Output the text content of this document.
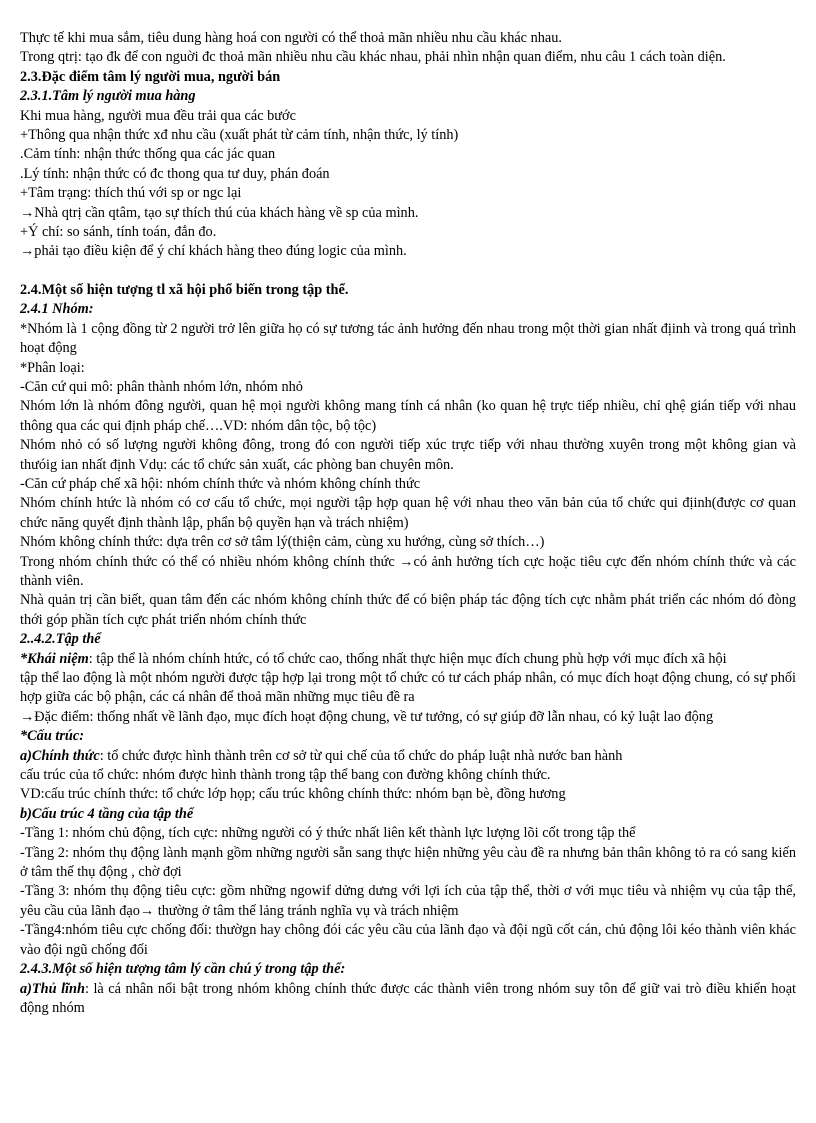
Thực tế khi mua sắm, tiêu dung hàng hoá con người có thể thoả mãn nhiều nhu cầu khác nhau.

Trong qtrị: tạo đk để con nguời đc thoả mãn nhiều nhu cầu khác nhau, phải nhìn nhận quan điểm, nhu câu 1 cách toàn diện.

2.3.Đặc điểm tâm lý người mua, người bán

2.3.1.Tâm lý người mua hàng

Khi mua hàng, người mua đều trải qua các bước

+Thông qua nhận thức xđ nhu cầu (xuất phát từ cảm tính, nhận thức, lý tính)

.Cảm tính: nhận thức thống qua các jác quan

.Lý tính: nhận thức có đc thong qua tư duy, phán đoán

+Tâm trạng: thích thú với sp or ngc lại

→Nhà qtrị cần qtâm, tạo sự thích thú của khách hàng về sp của mình.

+Ý chí: so sánh, tính toán, đắn đo.

→phải tạo điều kiện để ý chí khách hàng theo đúng logic của mình.

2.4.Một số hiện tượng tl xã hội phổ biến trong tập thể.

2.4.1 Nhóm:

*Nhóm là 1 cộng đồng từ 2 người trở lên giữa họ có sự tương tác ảnh hưởng đến nhau trong một thời gian nhất địinh và trong quá trình hoạt động

*Phân loại:

-Căn cứ qui mô: phân thành nhóm lớn, nhóm nhỏ

Nhóm lớn là nhóm đông người, quan hệ mọi người không mang tính cá nhân (ko quan hệ trực tiếp nhiều, chỉ qhệ gián tiếp với nhau thông qua các qui định pháp chế….VD: nhóm dân tộc, bộ tộc)

Nhóm nhỏ có số lượng người không đông, trong đó con người tiếp xúc trực tiếp với nhau thường xuyên trong một không gian và thưóig ian nhất định Vdụ: các tổ chức sản xuất, các phòng ban chuyên môn.

-Căn cứ pháp chế xã hội: nhóm chính thức và nhóm không chính thức

Nhóm chính htức là nhóm có cơ cấu tổ chức, mọi người tập hợp quan hệ với nhau theo văn bản của tổ chức qui địinh(được cơ quan chức năng quyết định thành lập, phẩn bộ quyền hạn và trách nhiệm)

Nhóm không chính thức: dựa trên cơ sở tâm lý(thiện cảm, cùng xu hướng, cùng sở thích…)

Trong nhóm chính thức có thể có nhiều nhóm không chính thức →có ảnh hưởng tích cực hoặc tiêu cực đến nhóm chính thức và các thành viên.

Nhà quản trị cần biết, quan tâm đến các nhóm không chính thức để có biện pháp tác động tích cực nhằm phát triển các nhóm dó đòng thới góp phần tích cực phát triển nhóm chính thức

2..4.2.Tập thể

*Khái niệm: tập thể là nhóm chính htức, có tổ chức cao, thống nhất thực hiện mục đích chung phù hợp với mục đích xã hội

tập thể lao động là một nhóm người được tập hợp lại trong một tổ chức có tư cách pháp nhân, có mục đích hoạt động chung, có sự phối hợp giữa các bộ phận, các cá nhân để thoả mãn những mục tiêu đề ra

→Đặc điểm: thống nhất về lãnh đạo, mục đích hoạt động chung, về tư tưởng, có sự giúp đỡ lẫn nhau, có kỷ luật lao động

*Cấu trúc:

a)Chính thức: tổ chức được hình thành trên cơ sở từ qui chế của tổ chức do pháp luật nhà nước ban hành

cấu trúc của tổ chức: nhóm được hình thành trong tập thể bang con đường không chính thức.

VD:cấu trúc chính thức: tổ chức lớp họp; cấu trúc không chính thức: nhóm bạn bè, đồng hương

b)Cấu trúc 4 tầng của tập thể

-Tầng 1: nhóm chủ động, tích cực: những người có ý thức nhất liên kết thành lực lượng lõi cốt trong tập thể

-Tầng 2: nhóm thụ động lành mạnh gồm những người sẵn sang thực hiện những yêu càu đề ra nhưng bản thân không tỏ ra có sang kiến ở tâm thế thụ động , chờ đợi

-Tầng 3: nhóm thụ động tiêu cực: gồm những ngowif dửng dưng với lợi ích của tập thể, thời ơ với mục tiêu và nhiệm vụ của tập thể, yêu cầu của lãnh đạo→ thường ở tâm thế lảng tránh nghĩa vụ và trách nhiệm

-Tầng4:nhóm tiêu cực chống đối: thườgn hay chông đói các yêu cầu của lãnh đạo và đội ngũ cốt cán, chủ động lôi kéo thành viên khác vào đội ngũ chống đối

2.4.3.Một số hiện tượng tâm lý cần chú ý trong tập thể:

a)Thủ lĩnh: là cá nhân nổi bật trong nhóm không chính thức được các thành viên trong nhóm suy tôn để giữ vai trò điều khiển hoạt động nhóm
